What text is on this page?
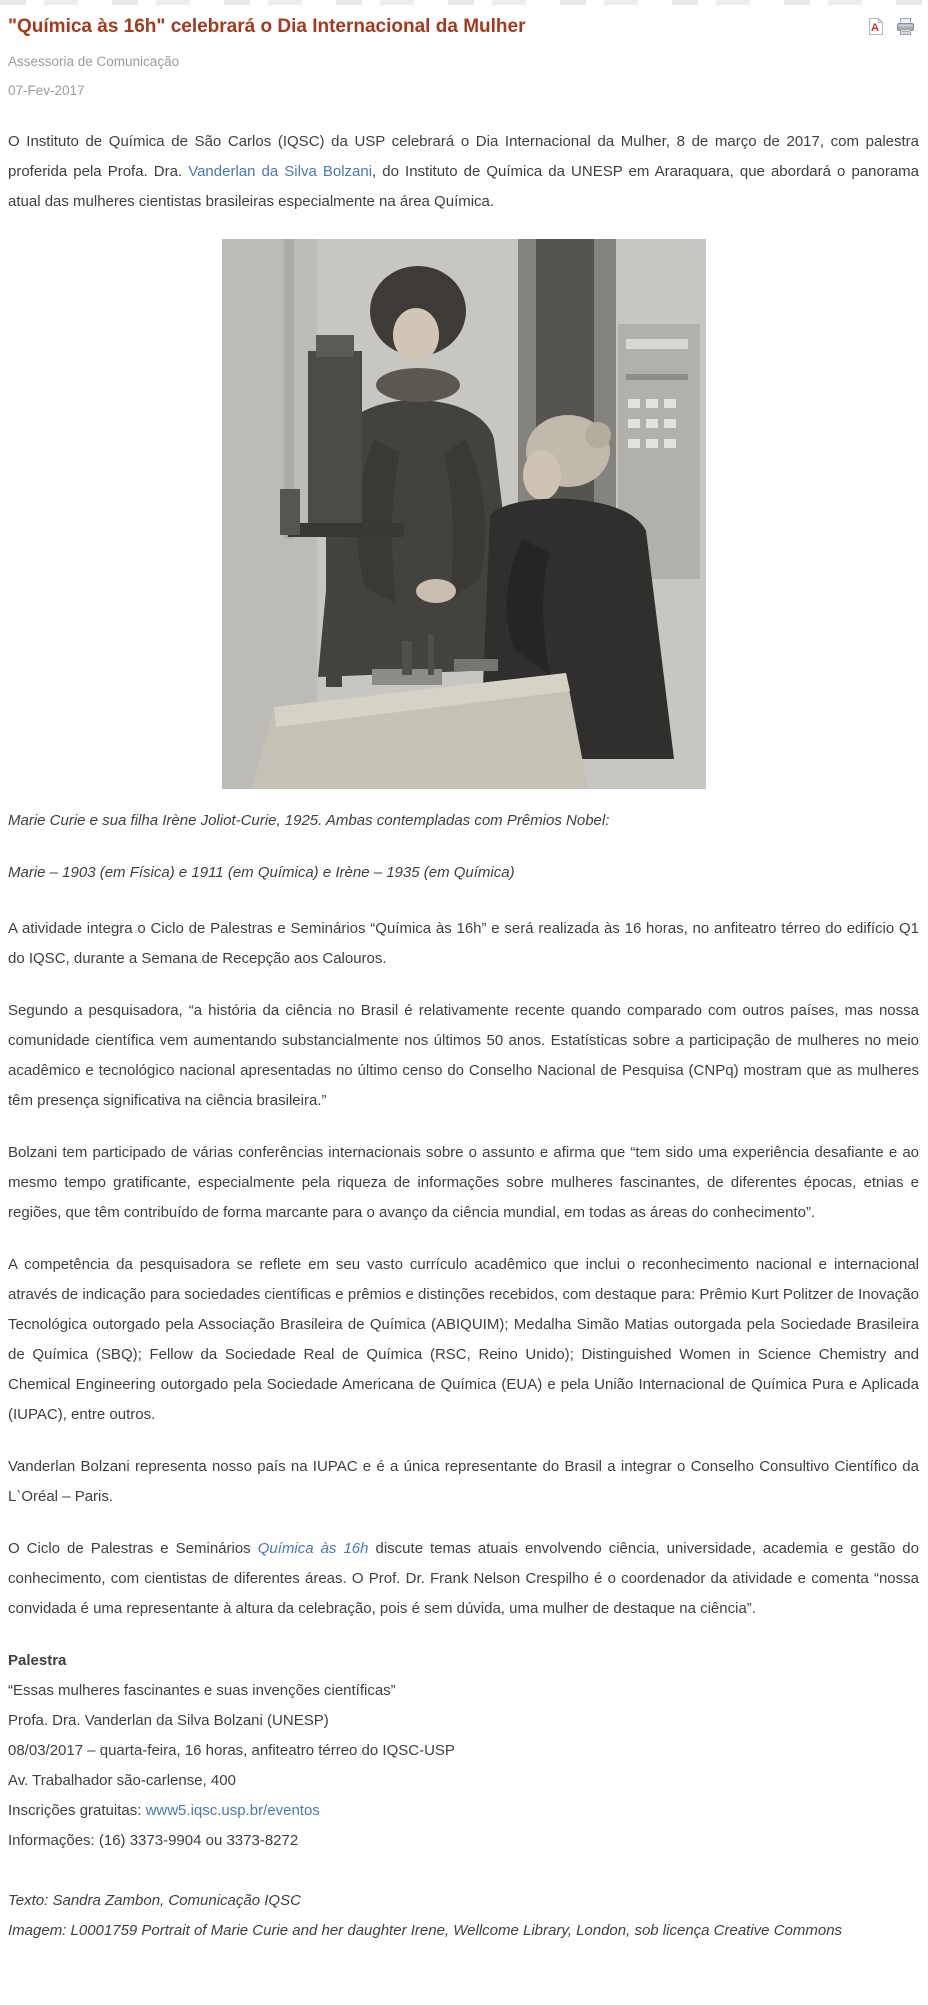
"Química às 16h" celebrará o Dia Internacional da Mulher	A
Assessoria de Comunicação
07-Fev-2017

O Instituto de Química de São Carlos (IQSC) da USP celebrará o Dia Internacional da Mulher, 8 de março de 2017, com palestra proferida pela Profa. Dra. Vanderlan da Silva Bolzani, do Instituto de Química da UNESP em Araraquara, que abordará o panorama atual das mulheres cientistas brasileiras especialmente na área Química.

Marie Curie e sua filha Irène Joliot-Curie, 1925. Ambas contempladas com Prêmios Nobel:

Marie – 1903 (em Física) e 1911 (em Química) e Irène – 1935 (em Química)

A atividade integra o Ciclo de Palestras e Seminários “Química às 16h” e será realizada às 16 horas, no anfiteatro térreo do edifício Q1 do IQSC, durante a Semana de Recepção aos Calouros.

Segundo a pesquisadora, “a história da ciência no Brasil é relativamente recente quando comparado com outros países, mas nossa comunidade científica vem aumentando substancialmente nos últimos 50 anos. Estatísticas sobre a participação de mulheres no meio acadêmico e tecnológico nacional apresentadas no último censo do Conselho Nacional de Pesquisa (CNPq) mostram que as mulheres têm presença significativa na ciência brasileira.”

Bolzani tem participado de várias conferências internacionais sobre o assunto e afirma que “tem sido uma experiência desafiante e ao mesmo tempo gratificante, especialmente pela riqueza de informações sobre mulheres fascinantes, de diferentes épocas, etnias e regiões, que têm contribuído de forma marcante para o avanço da ciência mundial, em todas as áreas do conhecimento”.

A competência da pesquisadora se reflete em seu vasto currículo acadêmico que inclui o reconhecimento nacional e internacional através de indicação para sociedades científicas e prêmios e distinções recebidos, com destaque para: Prêmio Kurt Politzer de Inovação Tecnológica outorgado pela Associação Brasileira de Química (ABIQUIM); Medalha Simão Matias outorgada pela Sociedade Brasileira de Química (SBQ); Fellow da Sociedade Real de Química (RSC, Reino Unido); Distinguished Women in Science Chemistry and Chemical Engineering outorgado pela Sociedade Americana de Química (EUA) e pela União Internacional de Química Pura e Aplicada (IUPAC), entre outros.

Vanderlan Bolzani representa nosso país na IUPAC e é a única representante do Brasil a integrar o Conselho Consultivo Científico da L`Oréal – Paris.

O Ciclo de Palestras e Seminários Química às 16h discute temas atuais envolvendo ciência, universidade, academia e gestão do conhecimento, com cientistas de diferentes áreas. O Prof. Dr. Frank Nelson Crespilho é o coordenador da atividade e comenta “nossa convidada é uma representante à altura da celebração, pois é sem dúvida, uma mulher de destaque na ciência”.

Palestra
“Essas mulheres fascinantes e suas invenções científicas”
Profa. Dra. Vanderlan da Silva Bolzani (UNESP)
08/03/2017 – quarta-feira, 16 horas, anfiteatro térreo do IQSC-USP
Av. Trabalhador são-carlense, 400
Inscrições gratuitas: www5.iqsc.usp.br/eventos
Informações: (16) 3373-9904 ou 3373-8272
Texto: Sandra Zambon, Comunicação IQSC
Imagem: L0001759 Portrait of Marie Curie and her daughter Irene, Wellcome Library, London, sob licença Creative Commons
